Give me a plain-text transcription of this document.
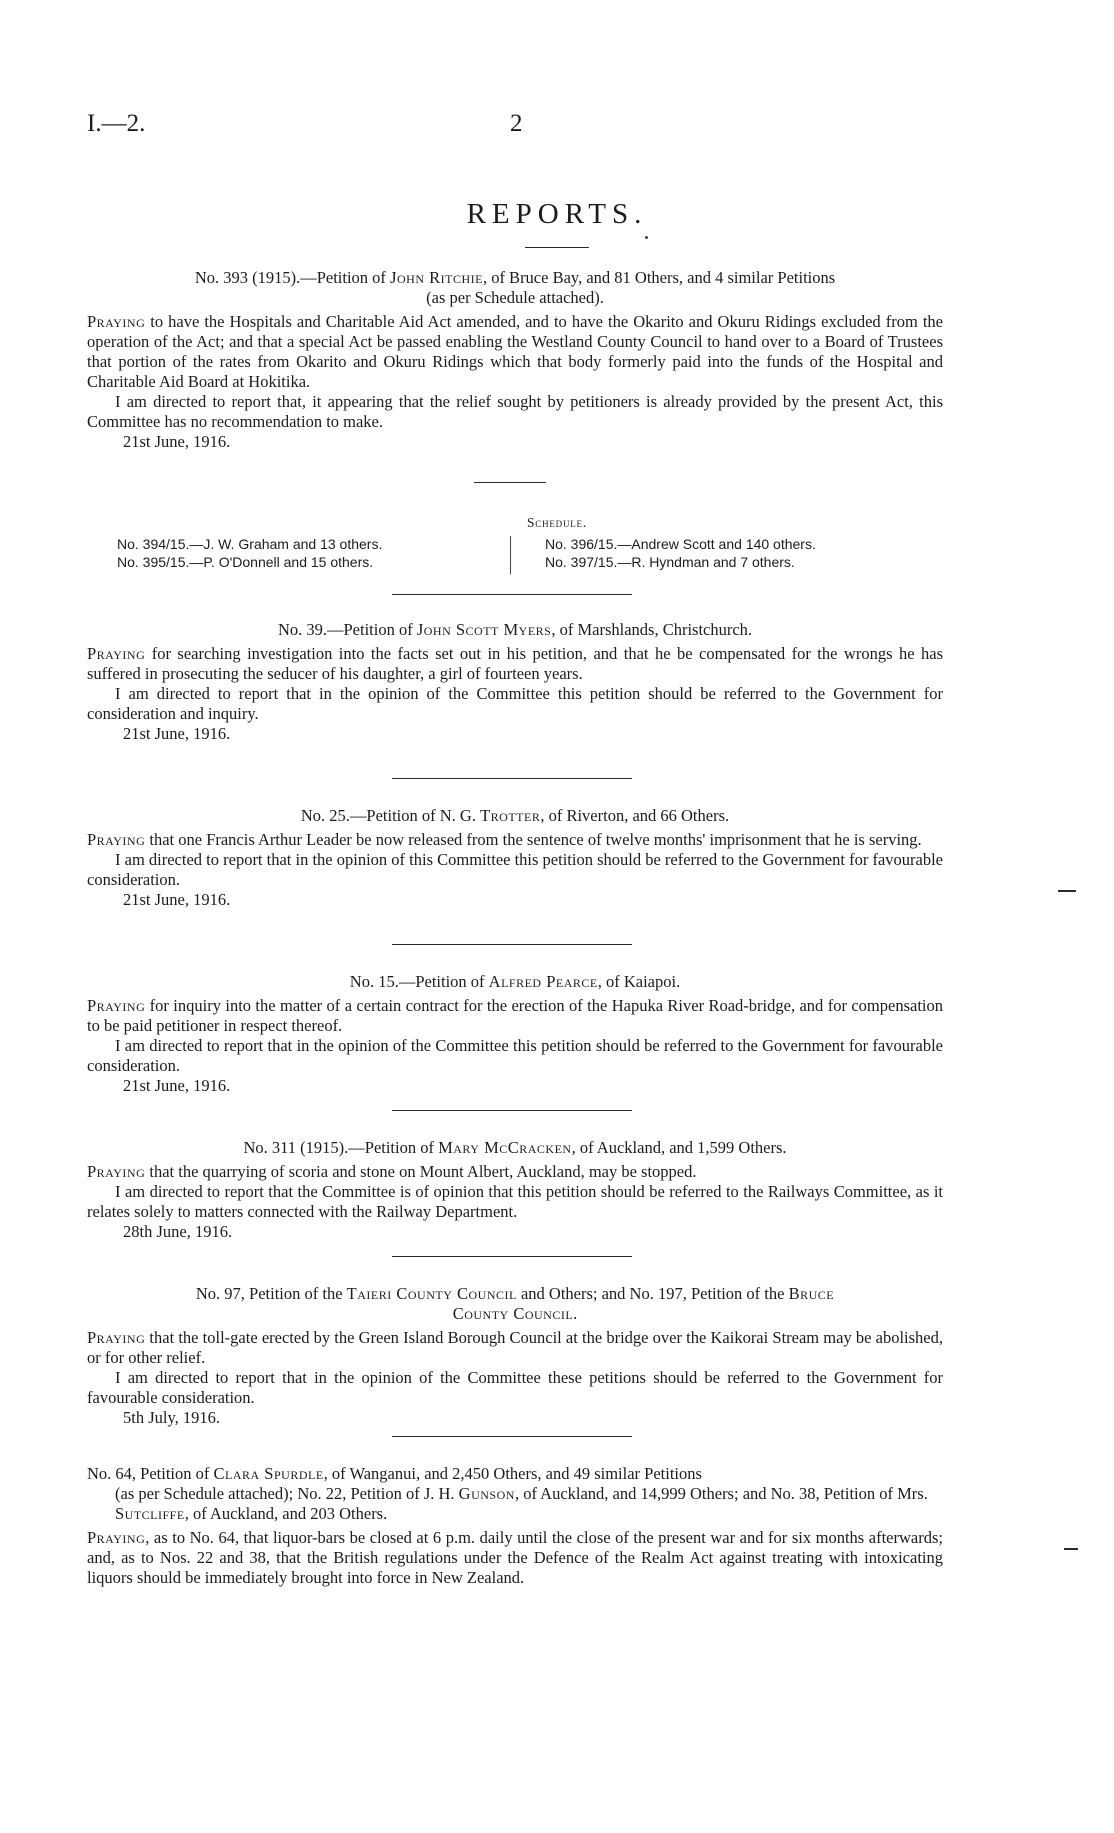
I.—2.	2
REPORTS.
No. 393 (1915).—Petition of John Ritchie, of Bruce Bay, and 81 Others, and 4 similar Petitions
(as per Schedule attached).

Praying to have the Hospitals and Charitable Aid Act amended, and to have the Okarito and Okuru Ridings excluded from the operation of the Act; and that a special Act be passed enabling the Westland County Council to hand over to a Board of Trustees that portion of the rates from Okarito and Okuru Ridings which that body formerly paid into the funds of the Hospital and Charitable Aid Board at Hokitika.

I am directed to report that, it appearing that the relief sought by petitioners is already provided by the present Act, this Committee has no recommendation to make.

21st June, 1916.

Schedule.
No. 394/15.—J. W. Graham and 13 others.
No. 395/15.—P. O'Donnell and 15 others.
No. 396/15.—Andrew Scott and 140 others.
No. 397/15.—R. Hyndman and 7 others.
No. 39.—Petition of John Scott Myers, of Marshlands, Christchurch.

Praying for searching investigation into the facts set out in his petition, and that he be compensated for the wrongs he has suffered in prosecuting the seducer of his daughter, a girl of fourteen years.

I am directed to report that in the opinion of the Committee this petition should be referred to the Government for consideration and inquiry.

21st June, 1916.

No. 25.—Petition of N. G. Trotter, of Riverton, and 66 Others.

Praying that one Francis Arthur Leader be now released from the sentence of twelve months' imprisonment that he is serving.

I am directed to report that in the opinion of this Committee this petition should be referred to the Government for favourable consideration.

21st June, 1916.

No. 15.—Petition of Alfred Pearce, of Kaiapoi.

Praying for inquiry into the matter of a certain contract for the erection of the Hapuka River Road-bridge, and for compensation to be paid petitioner in respect thereof.

I am directed to report that in the opinion of the Committee this petition should be referred to the Government for favourable consideration.

21st June, 1916.

No. 311 (1915).—Petition of Mary McCracken, of Auckland, and 1,599 Others.

Praying that the quarrying of scoria and stone on Mount Albert, Auckland, may be stopped.

I am directed to report that the Committee is of opinion that this petition should be referred to the Railways Committee, as it relates solely to matters connected with the Railway Department.

28th June, 1916.

No. 97, Petition of the Taieri County Council and Others; and No. 197, Petition of the Bruce
County Council.

Praying that the toll-gate erected by the Green Island Borough Council at the bridge over the Kaikorai Stream may be abolished, or for other relief.

I am directed to report that in the opinion of the Committee these petitions should be referred to the Government for favourable consideration.

5th July, 1916.

No. 64, Petition of Clara Spurdle, of Wanganui, and 2,450 Others, and 49 similar Petitions
(as per Schedule attached); No. 22, Petition of J. H. Gunson, of Auckland, and 14,999 Others; and No. 38, Petition of Mrs. Sutcliffe, of Auckland, and 203 Others.

Praying, as to No. 64, that liquor-bars be closed at 6 p.m. daily until the close of the present war and for six months afterwards; and, as to Nos. 22 and 38, that the British regulations under the Defence of the Realm Act against treating with intoxicating liquors should be immediately brought into force in New Zealand.
